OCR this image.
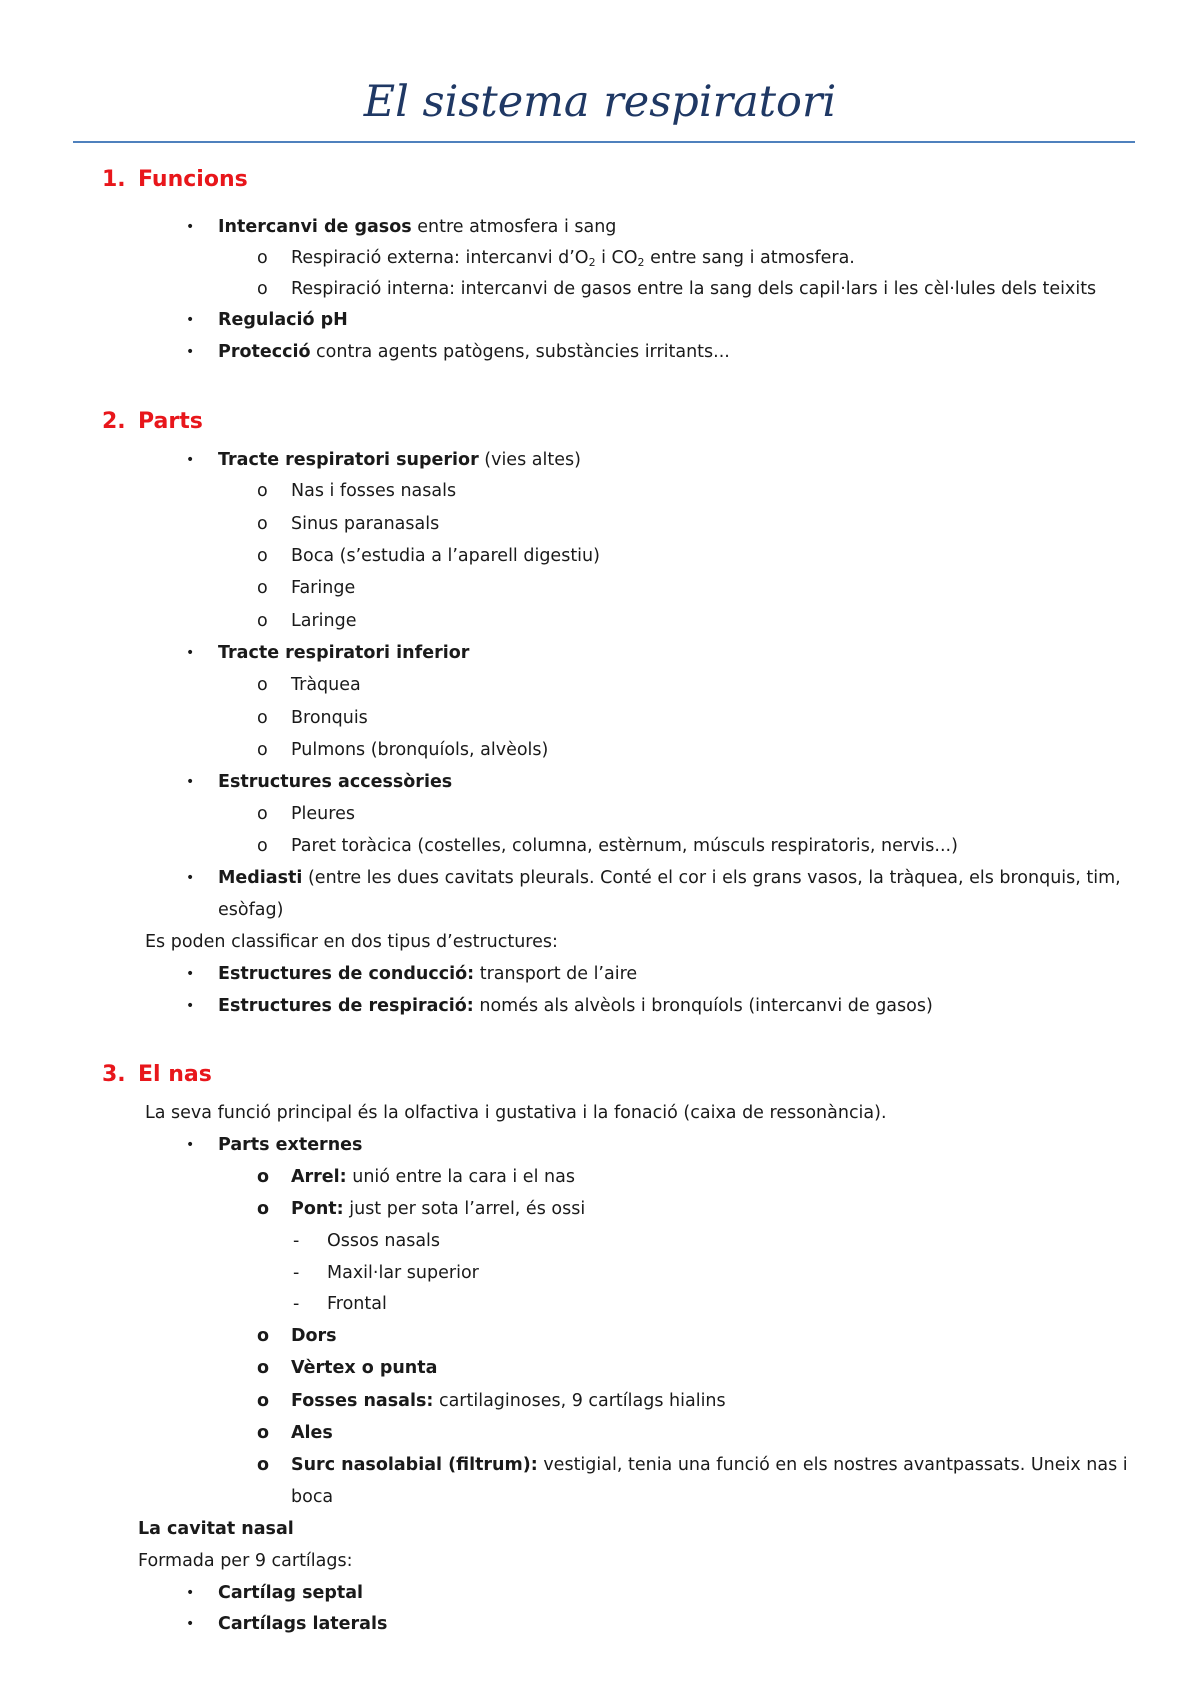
El sistema respiratori
1. Funcions
• Intercanvi de gasos entre atmosfera i sang
o Respiració externa: intercanvi $d’O_2$ i $CO_2$ entre sang i atmosfera.
o Respiració interna: intercanvi de gasos entre la sang dels capil·lars i les cèl·lules dels teixits
• Regulació pH
• Protecció contra agents patògens, substàncies irritants...
2. Parts
• Tracte respiratori superior (vies altes)
o Nas i fosses nasals
o Sinus paranasals
o Boca (s’estudia a l’aparell digestiu)
o Faringe
o Laringe
• Tracte respiratori inferior
o Tràquea
o Bronquis
o Pulmons (bronquíols, alvèols)
• Estructures accessòries
o Pleures
o Paret toràcica (costelles, columna, estèrnum, músculs respiratoris, nervis...)
• Mediasti (entre les dues cavitats pleurals. Conté el cor i els grans vasos, la tràquea, els bronquis, tim,
esòfag)
Es poden classificar en dos tipus d’estructures:
• Estructures de conducció: transport de l’aire
• Estructures de respiració: només als alvèols i bronquíols (intercanvi de gasos)
3. El nas
La seva funció principal és la olfactiva i gustativa i la fonació (caixa de ressonància).
• Parts externes
o Arrel: unió entre la cara i el nas
o Pont: just per sota l’arrel, és ossi
- Ossos nasals
- Maxil·lar superior
- Frontal
o Dors
o Vèrtex o punta
o Fosses nasals: cartilaginoses, 9 cartílags hialins
o Ales
o Surc nasolabial (filtrum): vestigial, tenia una funció en els nostres avantpassats. Uneix nas i
boca
La cavitat nasal
Formada per 9 cartílags:
• Cartílag septal
• Cartílags laterals
